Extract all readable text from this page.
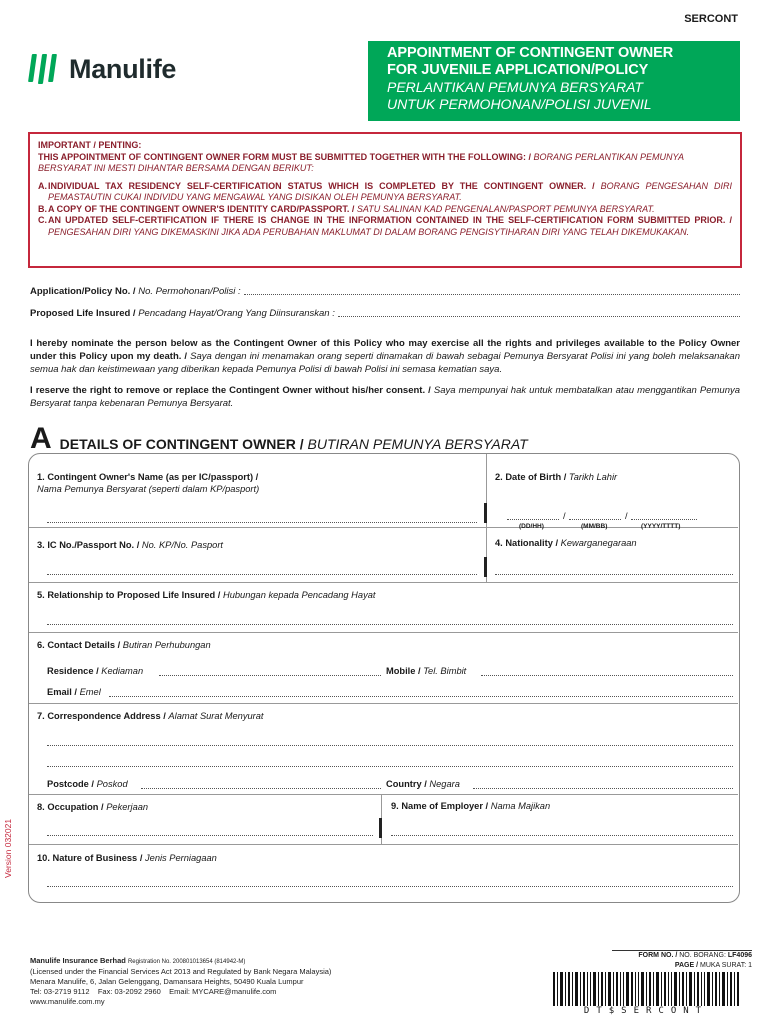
SERCONT
Manulife
APPOINTMENT OF CONTINGENT OWNER
FOR JUVENILE APPLICATION/POLICY
PERLANTIKAN PEMUNYA BERSYARAT
UNTUK PERMOHONAN/POLISI JUVENIL
IMPORTANT / PENTING:
THIS APPOINTMENT OF CONTINGENT OWNER FORM MUST BE SUBMITTED TOGETHER WITH THE FOLLOWING: / BORANG PERLANTIKAN PEMUNYA BERSYARAT INI MESTI DIHANTAR BERSAMA DENGAN BERIKUT:
A. INDIVIDUAL TAX RESIDENCY SELF-CERTIFICATION STATUS WHICH IS COMPLETED BY THE CONTINGENT OWNER. / BORANG PENGESAHAN DIRI PEMASTAUTIN CUKAI INDIVIDU YANG MENGAWAL YANG DISIKAN OLEH PEMUNYA BERSYARAT.
B. A COPY OF THE CONTINGENT OWNER'S IDENTITY CARD/PASSPORT. / SATU SALINAN KAD PENGENALAN/PASPORT PEMUNYA BERSYARAT.
C. AN UPDATED SELF-CERTIFICATION IF THERE IS CHANGE IN THE INFORMATION CONTAINED IN THE SELF-CERTIFICATION FORM SUBMITTED PRIOR. / PENGESAHAN DIRI YANG DIKEMASKINI JIKA ADA PERUBAHAN MAKLUMAT DI DALAM BORANG PENGISYTIHARAN DIRI YANG TELAH DIKEMUKAKAN.
Application/Policy No. / No. Permohonan/Polisi :
Proposed Life Insured / Pencadang Hayat/Orang Yang Diinsuranskan :
I hereby nominate the person below as the Contingent Owner of this Policy who may exercise all the rights and privileges available to the Policy Owner under this Policy upon my death. / Saya dengan ini menamakan orang seperti dinamakan di bawah sebagai Pemunya Bersyarat Polisi ini yang boleh melaksanakan semua hak dan keistimewaan yang diberikan kepada Pemunya Polisi di bawah Polisi ini semasa kematian saya.
I reserve the right to remove or replace the Contingent Owner without his/her consent. / Saya mempunyai hak untuk membatalkan atau menggantikan Pemunya Bersyarat tanpa kebenaran Pemunya Bersyarat.
A DETAILS OF CONTINGENT OWNER / BUTIRAN PEMUNYA BERSYARAT
1. Contingent Owner's Name (as per IC/passport) /
Nama Pemunya Bersyarat (seperti dalam KP/pasport)
2. Date of Birth / Tarikh Lahir
/	/
(DD/HH)	(MM/BB)	(YYYY/TTTT)
3. IC No./Passport No. / No. KP/No. Pasport	4. Nationality / Kewarganegaraan
5. Relationship to Proposed Life Insured / Hubungan kepada Pencadang Hayat
6. Contact Details / Butiran Perhubungan
Residence / Kediaman	Mobile / Tel. Bimbit
Email / Emel
7. Correspondence Address / Alamat Surat Menyurat
Postcode / Poskod	Country / Negara
8. Occupation / Pekerjaan	9. Name of Employer / Nama Majikan
10. Nature of Business / Jenis Perniagaan
Version 032021
Manulife Insurance Berhad Registration No. 200801013654 (814942-M)
(Licensed under the Financial Services Act 2013 and Regulated by Bank Negara Malaysia)
Menara Manulife, 6, Jalan Gelenggang, Damansara Heights, 50490 Kuala Lumpur
Tel: 03-2719 9112 Fax: 03-2092 2960 Email: MYCARE@manulife.com
www.manulife.com.my
FORM NO. /
NO. BORANG:
LF4096
PAGE /
MUKA SURAT:
1
DT$SERCONT
